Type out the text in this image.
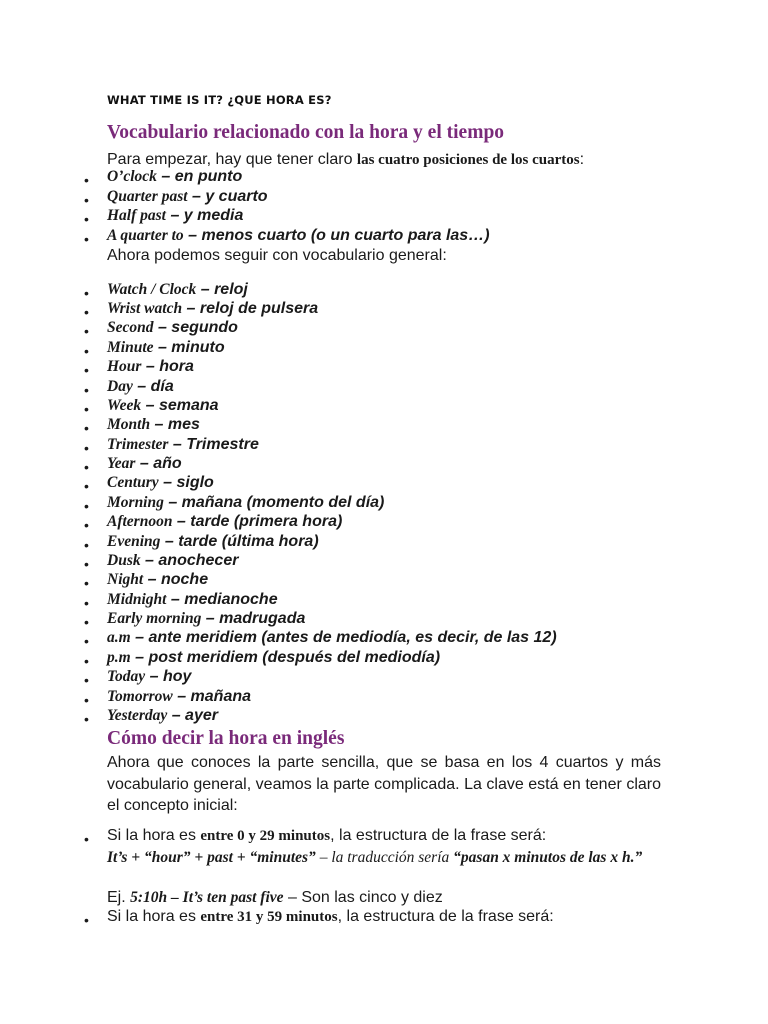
WHAT TIME IS IT? ¿QUE HORA ES?
Vocabulario relacionado con la hora y el tiempo
Para empezar, hay que tener claro las cuatro posiciones de los cuartos:
• O’clock – en punto
• Quarter past – y cuarto
• Half past – y media
• A quarter to – menos cuarto (o un cuarto para las…)
Ahora podemos seguir con vocabulario general:
• Watch / Clock – reloj
• Wrist watch – reloj de pulsera
• Second – segundo
• Minute – minuto
• Hour – hora
• Day – día
• Week – semana
• Month – mes
• Trimester – Trimestre
• Year – año
• Century – siglo
• Morning – mañana (momento del día)
• Afternoon – tarde (primera hora)
• Evening – tarde (última hora)
• Dusk – anochecer
• Night – noche
• Midnight – medianoche
• Early morning – madrugada
• a.m – ante meridiem (antes de mediodía, es decir, de las 12)
• p.m – post meridiem (después del mediodía)
• Today – hoy
• Tomorrow – mañana
• Yesterday – ayer
Cómo decir la hora en inglés
Ahora que conoces la parte sencilla, que se basa en los 4 cuartos y más vocabulario general, veamos la parte complicada. La clave está en tener claro el concepto inicial:
• Si la hora es entre 0 y 29 minutos, la estructura de la frase será:
It’s + “hour” + past + “minutes” – la traducción sería “pasan x minutos de las x h.”
Ej. 5:10h – It’s ten past five – Son las cinco y diez
• Si la hora es entre 31 y 59 minutos, la estructura de la frase será:
